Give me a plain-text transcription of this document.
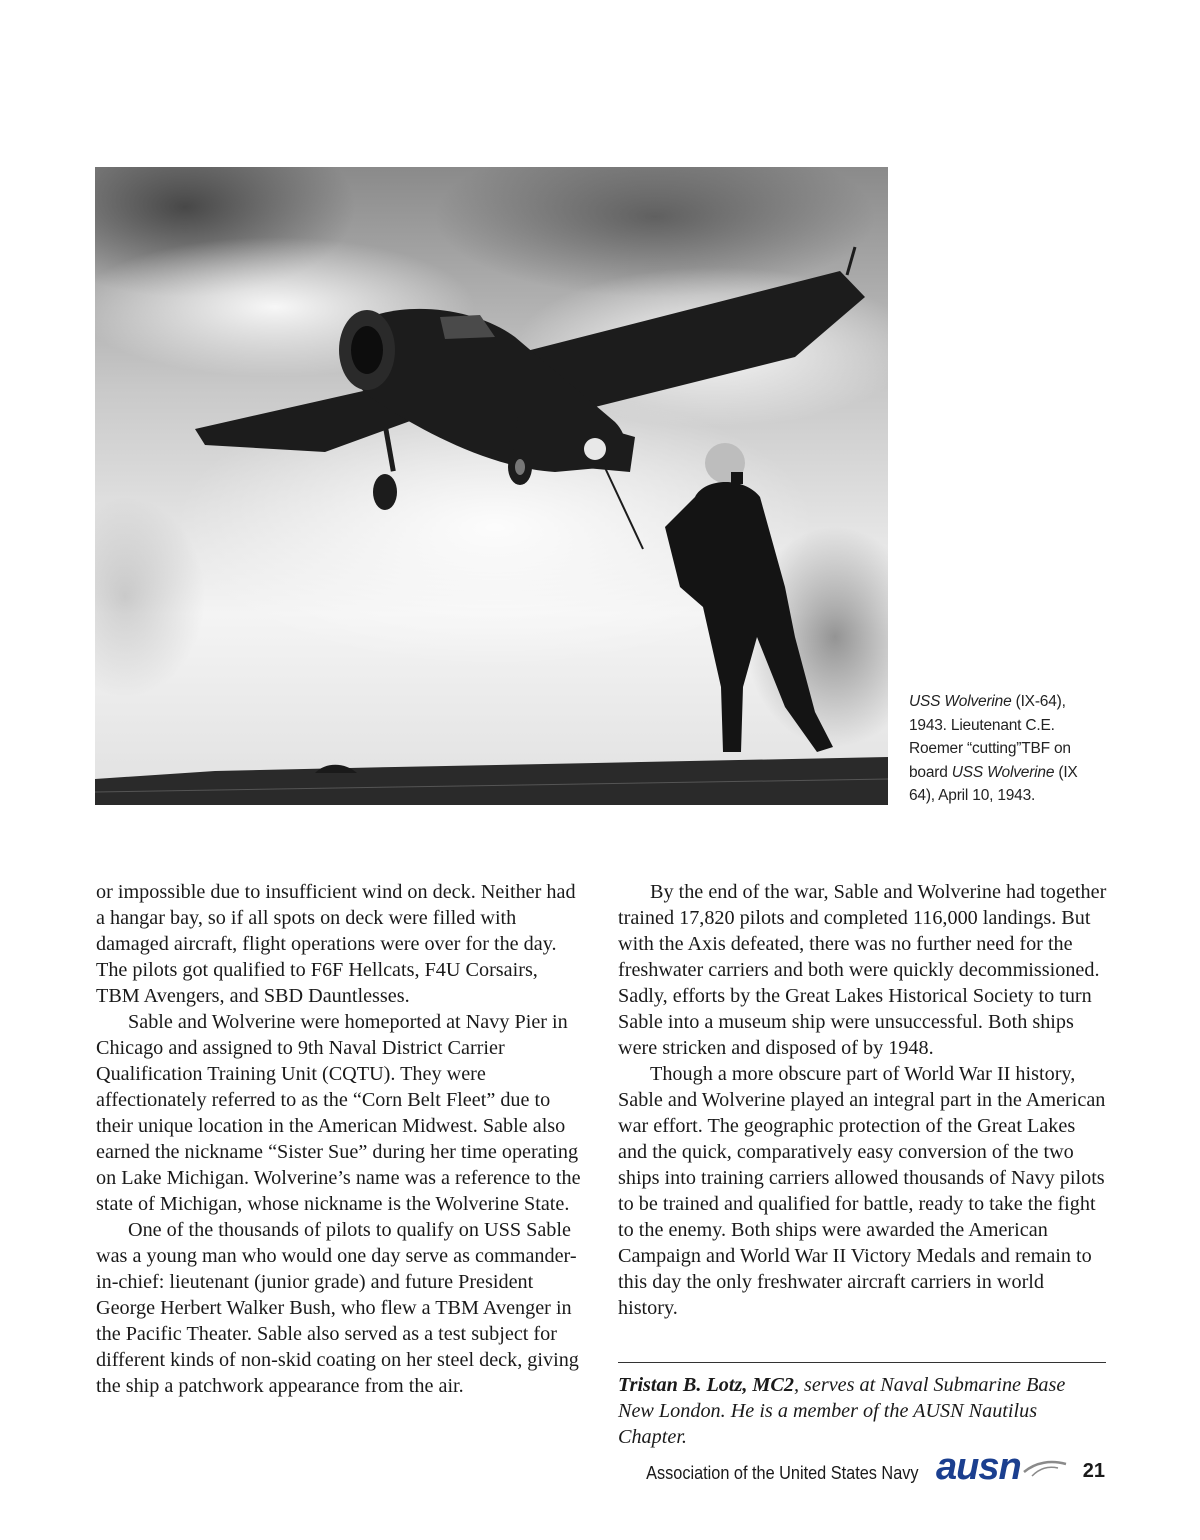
USS Wolverine (IX-64), 1943. Lieutenant C.E. Roemer “cutting”TBF on board USS Wolverine (IX 64), April 10, 1943.

or impossible due to insufficient wind on deck. Neither had a hangar bay, so if all spots on deck were filled with damaged aircraft, flight operations were over for the day. The pilots got qualified to F6F Hellcats, F4U Corsairs, TBM Avengers, and SBD Dauntlesses.

Sable and Wolverine were homeported at Navy Pier in Chicago and assigned to 9th Naval District Carrier Qualification Training Unit (CQTU). They were affectionately referred to as the “Corn Belt Fleet” due to their unique location in the American Midwest. Sable also earned the nickname “Sister Sue” during her time operating on Lake Michigan. Wolverine’s name was a reference to the state of Michigan, whose nickname is the Wolverine State.

One of the thousands of pilots to qualify on USS Sable was a young man who would one day serve as commander-in-chief: lieutenant (junior grade) and future President George Herbert Walker Bush, who flew a TBM Avenger in the Pacific Theater. Sable also served as a test subject for different kinds of non-skid coating on her steel deck, giving the ship a patchwork appearance from the air.

By the end of the war, Sable and Wolverine had together trained 17,820 pilots and completed 116,000 landings. But with the Axis defeated, there was no further need for the freshwater carriers and both were quickly decommissioned. Sadly, efforts by the Great Lakes Historical Society to turn Sable into a museum ship were unsuccessful. Both ships were stricken and disposed of by 1948.

Though a more obscure part of World War II history, Sable and Wolverine played an integral part in the American war effort. The geographic protection of the Great Lakes and the quick, comparatively easy conversion of the two ships into training carriers allowed thousands of Navy pilots to be trained and qualified for battle, ready to take the fight to the enemy. Both ships were awarded the American Campaign and World War II Victory Medals and remain to this day the only freshwater aircraft carriers in world history.

Tristan B. Lotz, MC2, serves at Naval Submarine Base New London. He is a member of the AUSN Nautilus Chapter.
Association of the United States Navy ausn	21
